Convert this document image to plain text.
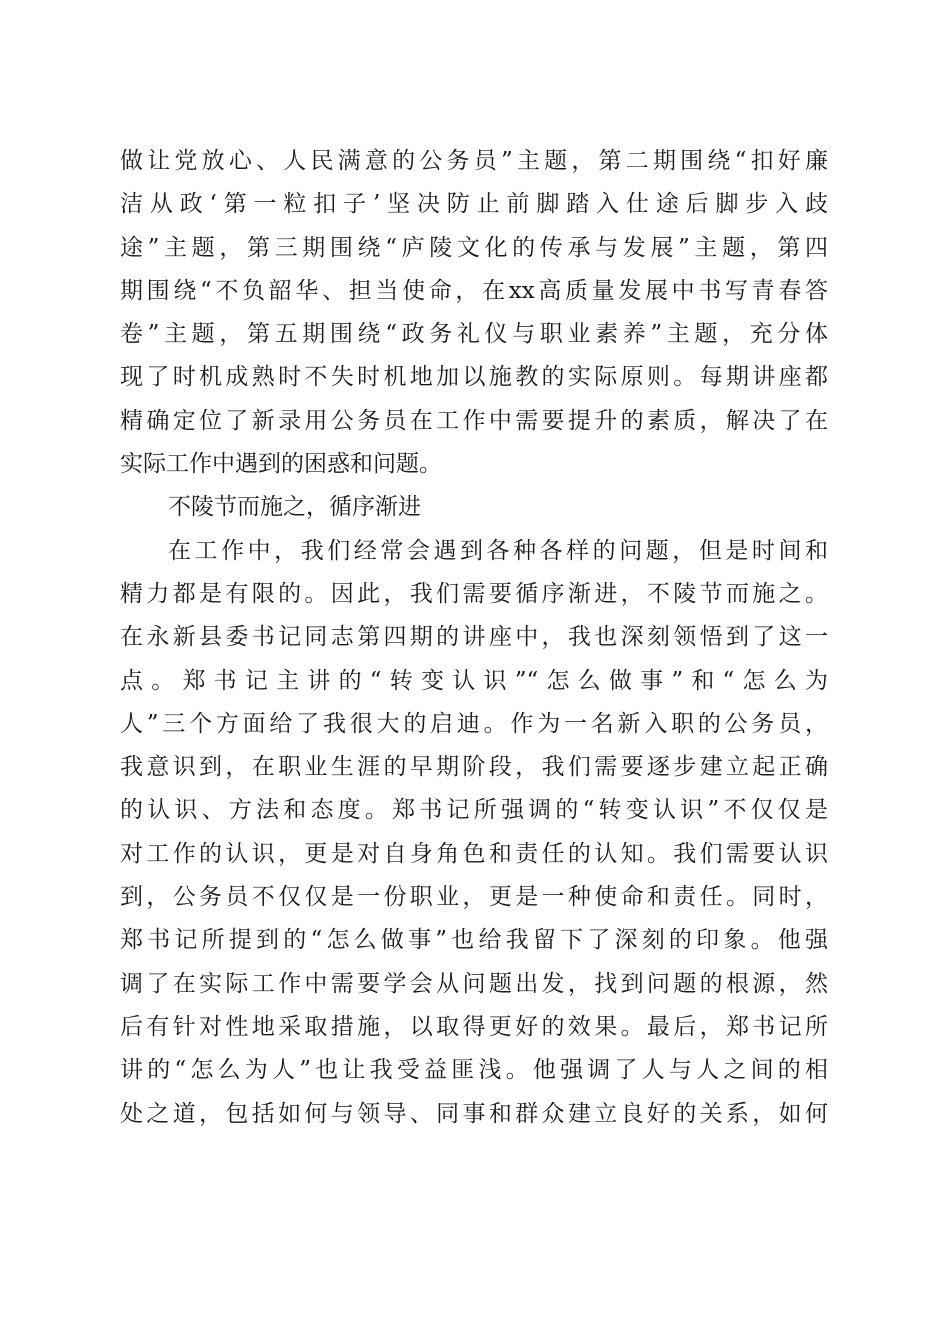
做让党放心、人民满意的公务员”主题，第二期围绕“扣好廉
洁从政‘第一粒扣子’坚决防止前脚踏入仕途后脚步入歧
途”主题，第三期围绕“庐陵文化的传承与发展”主题，第四
期围绕“不负韶华、担当使命，在xx高质量发展中书写青春答
卷”主题，第五期围绕“政务礼仪与职业素养”主题，充分体
现了时机成熟时不失时机地加以施教的实际原则。每期讲座都
精确定位了新录用公务员在工作中需要提升的素质，解决了在
实际工作中遇到的困惑和问题。
不陵节而施之，循序渐进
在工作中，我们经常会遇到各种各样的问题，但是时间和
精力都是有限的。因此，我们需要循序渐进，不陵节而施之。
在永新县委书记同志第四期的讲座中，我也深刻领悟到了这一
点。郑书记主讲的“转变认识”“怎么做事”和“怎么为
人”三个方面给了我很大的启迪。作为一名新入职的公务员，
我意识到，在职业生涯的早期阶段，我们需要逐步建立起正确
的认识、方法和态度。郑书记所强调的“转变认识”不仅仅是
对工作的认识，更是对自身角色和责任的认知。我们需要认识
到，公务员不仅仅是一份职业，更是一种使命和责任。同时，
郑书记所提到的“怎么做事”也给我留下了深刻的印象。他强
调了在实际工作中需要学会从问题出发，找到问题的根源，然
后有针对性地采取措施，以取得更好的效果。最后，郑书记所
讲的“怎么为人”也让我受益匪浅。他强调了人与人之间的相
处之道，包括如何与领导、同事和群众建立良好的关系，如何
